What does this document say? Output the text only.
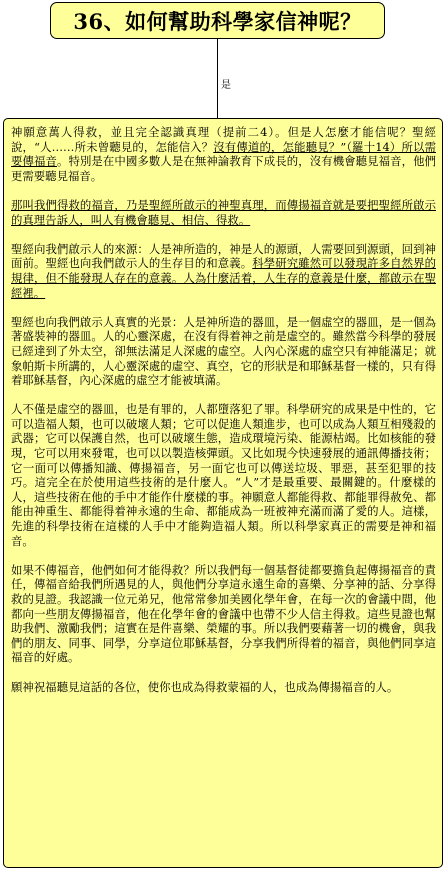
36、如何幫助科學家信神呢？
是

神願意萬人得救，並且完全認識真理（提前二4）。但是人怎麼才能信呢？聖經說，“人……所未曾聽見的，怎能信入？沒有傳道的，怎能聽見？”（羅十14）所以需要傳福音。特別是在中國多數人是在無神論教育下成長的，沒有機會聽見福音，他們更需要聽見福音。

那叫我們得救的福音，乃是聖經所啟示的神聖真理，而傳揚福音就是要把聖經所啟示的真理告訴人，叫人有機會聽見、相信、得救。

聖經向我們啟示人的來源：人是神所造的，神是人的源頭，人需要回到源頭，回到神面前。聖經也向我們啟示人的生存目的和意義。科學研究雖然可以發現許多自然界的規律，但不能發現人存在的意義。人為什麼活着，人生存的意義是什麼，都啟示在聖經裡。

聖經也向我們啟示人真實的光景：人是神所造的器皿，是一個虛空的器皿，是一個為著盛裝神的器皿。人的心靈深處，在沒有得着神之前是虛空的。雖然當今科學的發展已經達到了外太空，卻無法滿足人深處的虛空。人內心深處的虛空只有神能滿足；就象帕斯卡所講的，人心靈深處的虛空、真空，它的形狀是和耶穌基督一樣的，只有得着耶穌基督，內心深處的虛空才能被填滿。

人不僅是虛空的器皿，也是有罪的，人都墮落犯了罪。科學研究的成果是中性的，它可以造福人類，也可以破壞人類；它可以促進人類進步，也可以成為人類互相殘殺的武器；它可以保護自然，也可以破壞生態，造成環境污染、能源枯竭。比如核能的發現，它可以用來發電，也可以以製造核彈頭。又比如現今快速發展的通訊傳播技術；它一面可以傳播知識、傳揚福音，另一面它也可以傳送垃圾、罪惡，甚至犯罪的技巧。這完全在於使用這些技術的是什麼人。“人”才是最重要、最關鍵的。什麼樣的人，這些技術在他的手中才能作什麼樣的事。神願意人都能得救、都能罪得赦免、都能由神重生、都能得着神永遠的生命、都能成為一班被神充滿而滿了愛的人。這樣，先進的科學技術在這樣的人手中才能夠造福人類。所以科學家真正的需要是神和福音。

如果不傳福音，他們如何才能得救？所以我們每一個基督徒都要擔負起傳揚福音的責任，傳福音給我們所遇見的人，與他們分享這永遠生命的喜樂、分享神的話、分享得救的見證。我認識一位元弟兄，他常常參加美國化學年會，在每一次的會議中間，他都向一些朋友傳揚福音，他在化學年會的會議中也帶不少人信主得救。這些見證也幫助我們、激勵我們；這實在是件喜樂、榮耀的事。所以我們要藉著一切的機會，與我們的朋友、同事、同學，分享這位耶穌基督，分享我們所得着的福音，與他們同享這福音的好處。

願神祝福聽見這話的各位，使你也成為得救蒙福的人，也成為傳揚福音的人。
